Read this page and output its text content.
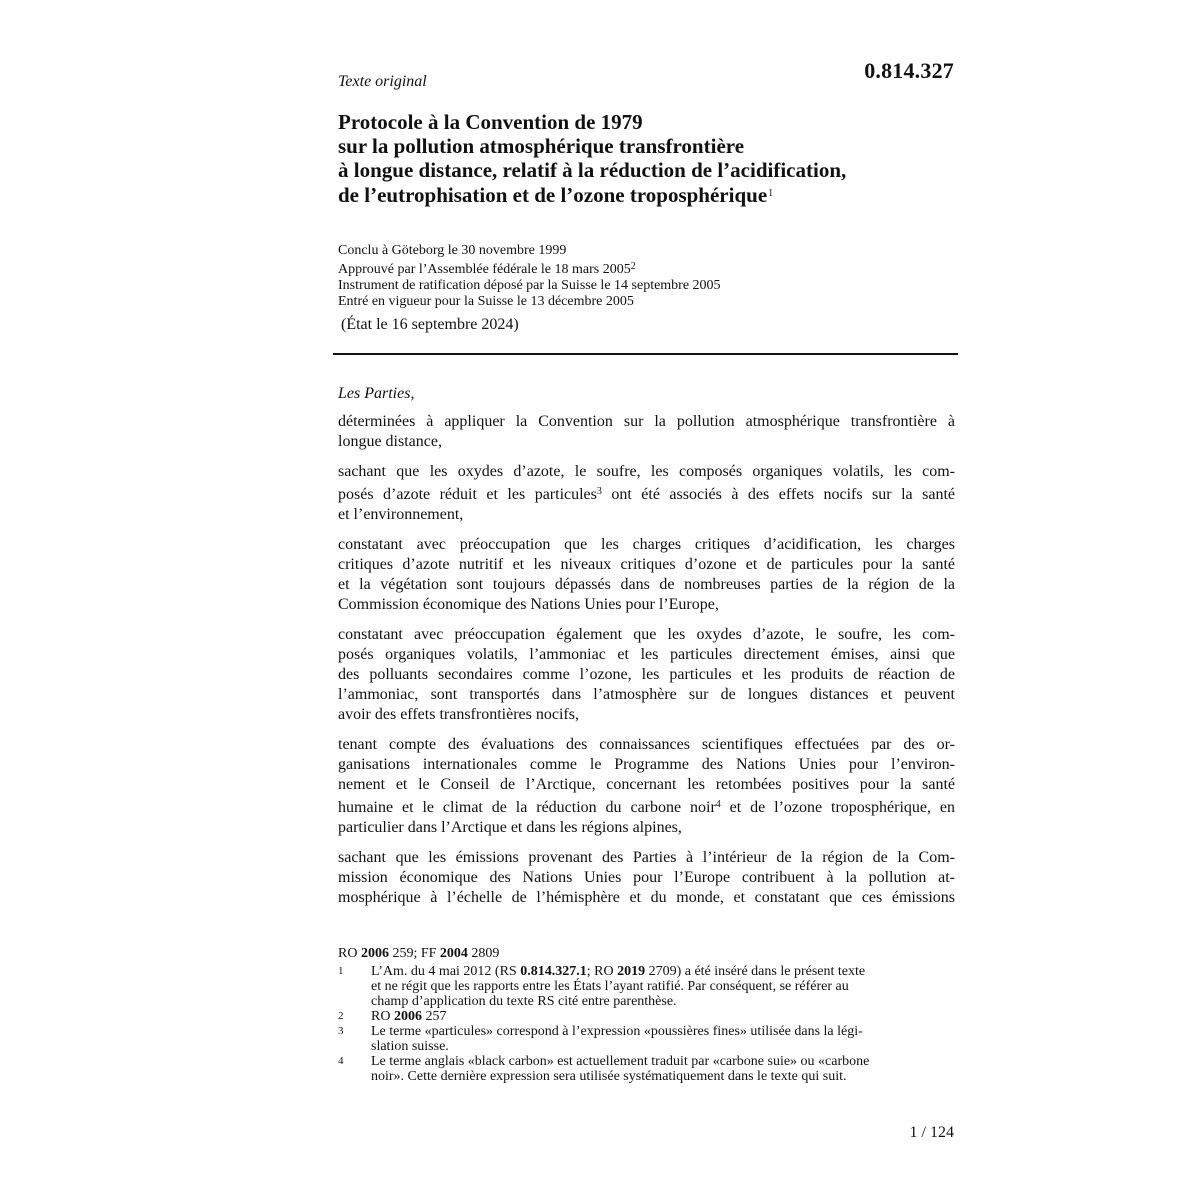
Texte original	0.814.327
Protocole à la Convention de 1979
sur la pollution atmosphérique transfrontière
à longue distance, relatif à la réduction de l’acidification,
de l’eutrophisation et de l’ozone troposphérique$^1$
Conclu à Göteborg le 30 novembre 1999
Approuvé par l’Assemblée fédérale le 18 mars 2005$^2$
Instrument de ratification déposé par la Suisse le 14 septembre 2005
Entré en vigueur pour la Suisse le 13 décembre 2005
(État le 16 septembre 2024)
Les Parties,

déterminées à appliquer la Convention sur la pollution atmosphérique transfrontière à
longue distance,

sachant que les oxydes d’azote, le soufre, les composés organiques volatils, les com-
posés d’azote réduit et les particules$^3$ ont été associés à des effets nocifs sur la santé
et l’environnement,

constatant avec préoccupation que les charges critiques d’acidification, les charges
critiques d’azote nutritif et les niveaux critiques d’ozone et de particules pour la santé
et la végétation sont toujours dépassés dans de nombreuses parties de la région de la
Commission économique des Nations Unies pour l’Europe,

constatant avec préoccupation également que les oxydes d’azote, le soufre, les com-
posés organiques volatils, l’ammoniac et les particules directement émises, ainsi que
des polluants secondaires comme l’ozone, les particules et les produits de réaction de
l’ammoniac, sont transportés dans l’atmosphère sur de longues distances et peuvent
avoir des effets transfrontières nocifs,

tenant compte des évaluations des connaissances scientifiques effectuées par des or-
ganisations internationales comme le Programme des Nations Unies pour l’environ-
nement et le Conseil de l’Arctique, concernant les retombées positives pour la santé
humaine et le climat de la réduction du carbone noir$^4$ et de l’ozone troposphérique, en
particulier dans l’Arctique et dans les régions alpines,

sachant que les émissions provenant des Parties à l’intérieur de la région de la Com-
mission économique des Nations Unies pour l’Europe contribuent à la pollution at-
mosphérique à l’échelle de l’hémisphère et du monde, et constatant que ces émissions

RO 2006 259; FF 2004 2809
1 L’Am. du 4 mai 2012 (RS 0.814.327.1; RO 2019 2709) a été inséré dans le présent texte
et ne régit que les rapports entre les États l’ayant ratifié. Par conséquent, se référer au
champ d’application du texte RS cité entre parenthèse.
2 RO 2006 257
3 Le terme «particules» correspond à l’expression «poussières fines» utilisée dans la légi-
slation suisse.
4 Le terme anglais «black carbon» est actuellement traduit par «carbone suie» ou «carbone
noir». Cette dernière expression sera utilisée systématiquement dans le texte qui suit.
1 / 124
